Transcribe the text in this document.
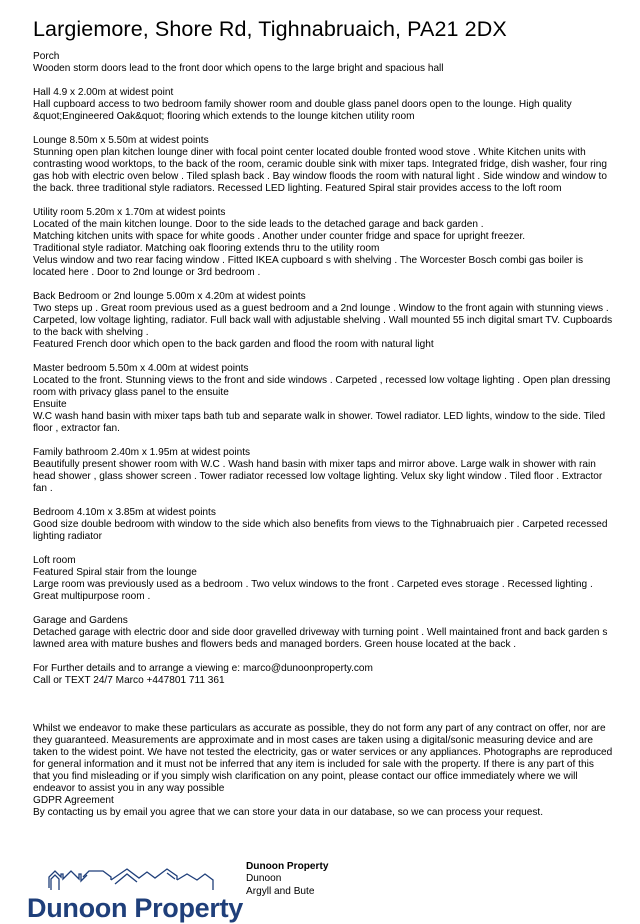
Largiemore, Shore Rd, Tighnabruaich, PA21 2DX

Porch

Wooden storm doors lead to the front door which opens to the large bright and spacious hall

Hall 4.9 x 2.00m at widest point

Hall cupboard access to two bedroom family shower room and double glass panel doors open to the lounge. High quality &quot;Engineered Oak&quot; flooring which extends to the lounge kitchen utility room

Lounge 8.50m x 5.50m at widest points

Stunning open plan kitchen lounge diner with focal point center located double fronted wood stove . White Kitchen units with contrasting wood worktops, to the back of the room, ceramic double sink with mixer taps. Integrated fridge, dish washer, four ring gas hob with electric oven below . Tiled splash back . Bay window floods the room with natural light . Side window and window to the back. three traditional style radiators. Recessed LED lighting. Featured Spiral stair provides access to the loft room

Utility room 5.20m x 1.70m at widest points

Located of the main kitchen lounge. Door to the side leads to the detached garage and back garden .

Matching kitchen units with space for white goods . Another under counter fridge and space for upright freezer.

Traditional style radiator. Matching oak flooring extends thru to the utility room

Velus window and two rear facing window . Fitted IKEA cupboard s with shelving . The Worcester Bosch combi gas boiler is located here . Door to 2nd lounge or 3rd bedroom .

Back Bedroom or 2nd lounge 5.00m x 4.20m at widest points

Two steps up . Great room previous used as a guest bedroom and a 2nd lounge . Window to the front again with stunning views . Carpeted, low voltage lighting, radiator. Full back wall with adjustable shelving . Wall mounted 55 inch digital smart TV. Cupboards to the back with shelving .

Featured French door which open to the back garden and flood the room with natural light

Master bedroom 5.50m x 4.00m at widest points

Located to the front. Stunning views to the front and side windows . Carpeted , recessed low voltage lighting . Open plan dressing room with privacy glass panel to the ensuite

Ensuite

W.C wash hand basin with mixer taps bath tub and separate walk in shower. Towel radiator. LED lights, window to the side. Tiled floor , extractor fan.

Family bathroom 2.40m x 1.95m at widest points

Beautifully present shower room with W.C . Wash hand basin with mixer taps and mirror above. Large walk in shower with rain head shower , glass shower screen . Tower radiator recessed low voltage lighting. Velux sky light window . Tiled floor . Extractor fan .

Bedroom 4.10m x 3.85m at widest points

Good size double bedroom with window to the side which also benefits from views to the Tighnabruaich pier . Carpeted recessed lighting radiator

Loft room

Featured Spiral stair from the lounge

Large room was previously used as a bedroom . Two velux windows to the front . Carpeted eves storage . Recessed lighting . Great multipurpose room .

Garage and Gardens

Detached garage with electric door and side door gravelled driveway with turning point . Well maintained front and back garden s lawned area with mature bushes and flowers beds and managed borders. Green house located at the back .

For Further details and to arrange a viewing e: marco@dunoonproperty.com

Call or TEXT 24/7 Marco +447801 711 361

Whilst we endeavor to make these particulars as accurate as possible, they do not form any part of any contract on offer, nor are they guaranteed. Measurements are approximate and in most cases are taken using a digital/sonic measuring device and are taken to the widest point. We have not tested the electricity, gas or water services or any appliances. Photographs are reproduced for general information and it must not be inferred that any item is included for sale with the property. If there is any part of this that you find misleading or if you simply wish clarification on any point, please contact our office immediately where we will endeavor to assist you in any way possible

GDPR Agreement

By contacting us by email you agree that we can store your data in our database, so we can process your request.

Dunoon Property
Dunoon Property
Dunoon
Argyll and Bute
